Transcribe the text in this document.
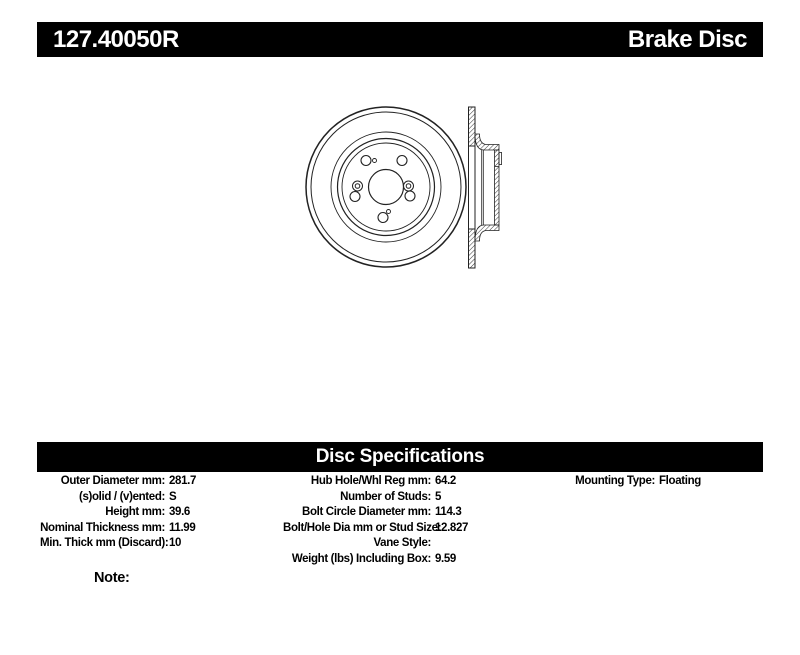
127.40050R	Brake Disc
Disc Specifications
Outer Diameter mm: 281.7
(s)olid / (v)ented: S
Height mm: 39.6
Nominal Thickness mm: 11.99
Min. Thick mm (Discard): 10
Hub Hole/Whl Reg mm: 64.2
Number of Studs: 5
Bolt Circle Diameter mm: 114.3
Bolt/Hole Dia mm or Stud Size:
12.827
Vane Style:
Weight (lbs) Including Box: 9.59
Mounting Type: Floating
Note:
